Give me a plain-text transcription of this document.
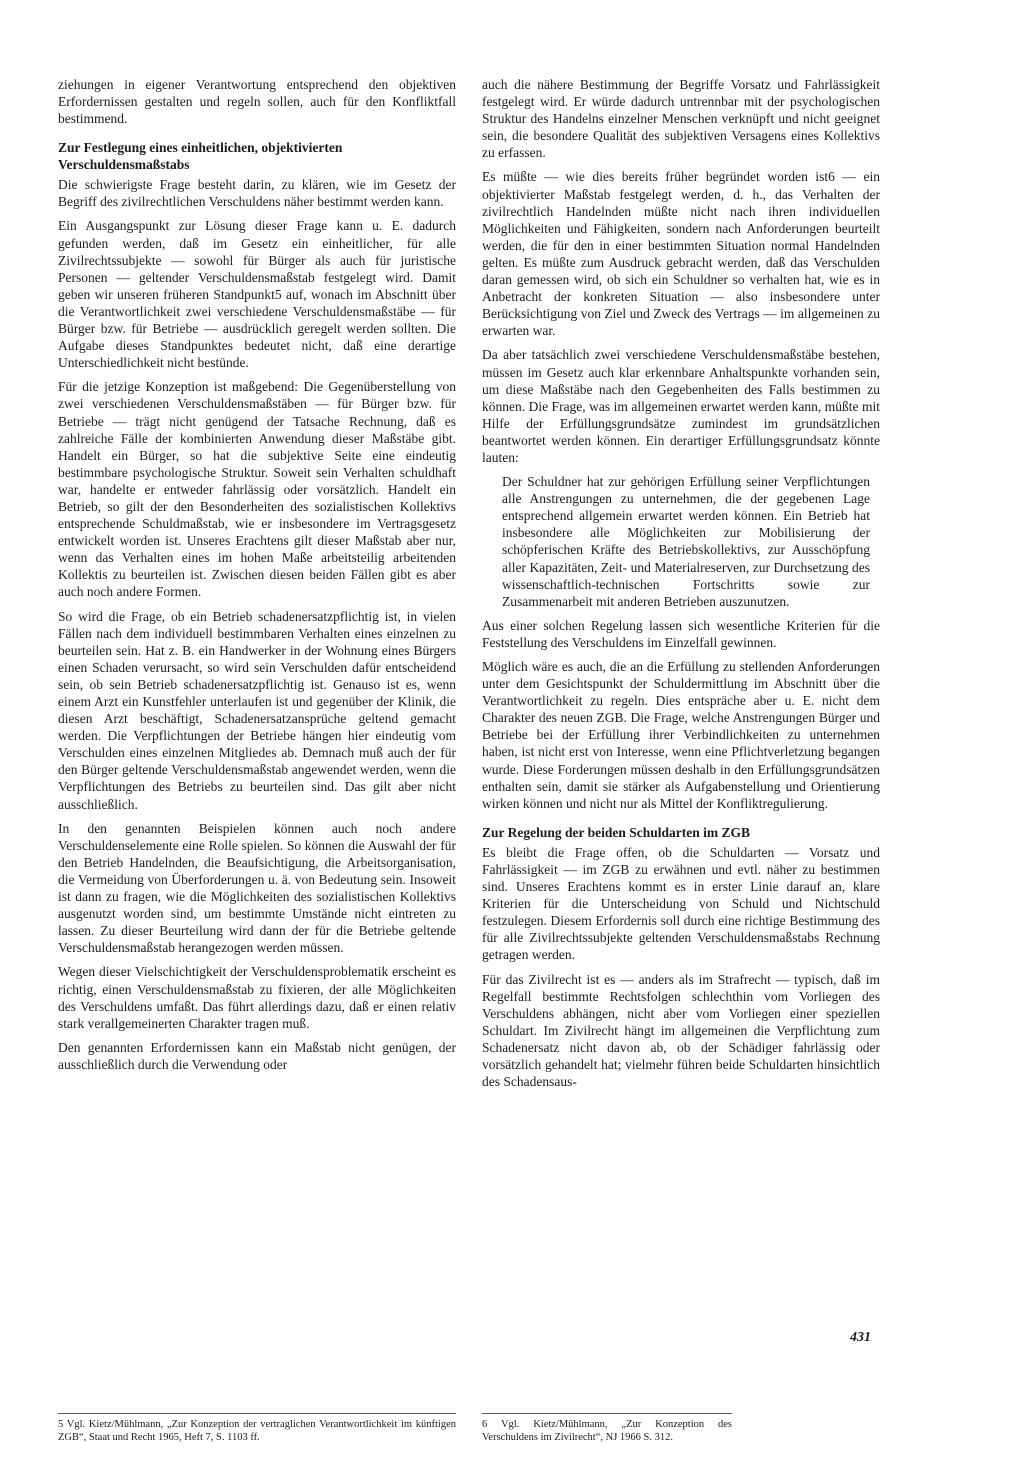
ziehungen in eigener Verantwortung entsprechend den objektiven Erfordernissen gestalten und regeln sollen, auch für den Konfliktfall bestimmend.

Zur Festlegung eines einheitlichen, objektivierten Verschuldensmaßstabs

Die schwierigste Frage besteht darin, zu klären, wie im Gesetz der Begriff des zivilrechtlichen Verschuldens näher bestimmt werden kann.

Ein Ausgangspunkt zur Lösung dieser Frage kann u. E. dadurch gefunden werden, daß im Gesetz ein einheitlicher, für alle Zivilrechtssubjekte — sowohl für Bürger als auch für juristische Personen — geltender Verschuldensmaßstab festgelegt wird. Damit geben wir unseren früheren Standpunkt5 auf, wonach im Abschnitt über die Verantwortlichkeit zwei verschiedene Verschuldensmaßstäbe — für Bürger bzw. für Betriebe — ausdrücklich geregelt werden sollten. Die Aufgabe dieses Standpunktes bedeutet nicht, daß eine derartige Unterschiedlichkeit nicht bestünde.

Für die jetzige Konzeption ist maßgebend: Die Gegenüberstellung von zwei verschiedenen Verschuldensmaßstäben — für Bürger bzw. für Betriebe — trägt nicht genügend der Tatsache Rechnung, daß es zahlreiche Fälle der kombinierten Anwendung dieser Maßstäbe gibt. Handelt ein Bürger, so hat die subjektive Seite eine eindeutig bestimmbare psychologische Struktur. Soweit sein Verhalten schuldhaft war, handelte er entweder fahrlässig oder vorsätzlich. Handelt ein Betrieb, so gilt der den Besonderheiten des sozialistischen Kollektivs entsprechende Schuldmaßstab, wie er insbesondere im Vertragsgesetz entwickelt worden ist. Unseres Erachtens gilt dieser Maßstab aber nur, wenn das Verhalten eines im hohen Maße arbeitsteilig arbeitenden Kollektis zu beurteilen ist. Zwischen diesen beiden Fällen gibt es aber auch noch andere Formen.

So wird die Frage, ob ein Betrieb schadenersatzpflichtig ist, in vielen Fällen nach dem individuell bestimmbaren Verhalten eines einzelnen zu beurteilen sein. Hat z. B. ein Handwerker in der Wohnung eines Bürgers einen Schaden verursacht, so wird sein Verschulden dafür entscheidend sein, ob sein Betrieb schadenersatzpflichtig ist. Genauso ist es, wenn einem Arzt ein Kunstfehler unterlaufen ist und gegenüber der Klinik, die diesen Arzt beschäftigt, Schadenersatzansprüche geltend gemacht werden. Die Verpflichtungen der Betriebe hängen hier eindeutig vom Verschulden eines einzelnen Mitgliedes ab. Demnach muß auch der für den Bürger geltende Verschuldensmaßstab angewendet werden, wenn die Verpflichtungen des Betriebs zu beurteilen sind. Das gilt aber nicht ausschließlich.

In den genannten Beispielen können auch noch andere Verschuldenselemente eine Rolle spielen. So können die Auswahl der für den Betrieb Handelnden, die Beaufsichtigung, die Arbeitsorganisation, die Vermeidung von Überforderungen u. ä. von Bedeutung sein. Insoweit ist dann zu fragen, wie die Möglichkeiten des sozialistischen Kollektivs ausgenutzt worden sind, um bestimmte Umstände nicht eintreten zu lassen. Zu dieser Beurteilung wird dann der für die Betriebe geltende Verschuldensmaßstab herangezogen werden müssen.

Wegen dieser Vielschichtigkeit der Verschuldensproblematik erscheint es richtig, einen Verschuldensmaßstab zu fixieren, der alle Möglichkeiten des Verschuldens umfaßt. Das führt allerdings dazu, daß er einen relativ stark verallgemeinerten Charakter tragen muß.

Den genannten Erfordernissen kann ein Maßstab nicht genügen, der ausschließlich durch die Verwendung oder

auch die nähere Bestimmung der Begriffe Vorsatz und Fahrlässigkeit festgelegt wird. Er würde dadurch untrennbar mit der psychologischen Struktur des Handelns einzelner Menschen verknüpft und nicht geeignet sein, die besondere Qualität des subjektiven Versagens eines Kollektivs zu erfassen.

Es müßte — wie dies bereits früher begründet worden ist6 — ein objektivierter Maßstab festgelegt werden, d. h., das Verhalten der zivilrechtlich Handelnden müßte nicht nach ihren individuellen Möglichkeiten und Fähigkeiten, sondern nach Anforderungen beurteilt werden, die für den in einer bestimmten Situation normal Handelnden gelten. Es müßte zum Ausdruck gebracht werden, daß das Verschulden daran gemessen wird, ob sich ein Schuldner so verhalten hat, wie es in Anbetracht der konkreten Situation — also insbesondere unter Berücksichtigung von Ziel und Zweck des Vertrags — im allgemeinen zu erwarten war.

Da aber tatsächlich zwei verschiedene Verschuldensmaßstäbe bestehen, müssen im Gesetz auch klar erkennbare Anhaltspunkte vorhanden sein, um diese Maßstäbe nach den Gegebenheiten des Falls bestimmen zu können. Die Frage, was im allgemeinen erwartet werden kann, müßte mit Hilfe der Erfüllungsgrundsätze zumindest im grundsätzlichen beantwortet werden können. Ein derartiger Erfüllungsgrundsatz könnte lauten:

Der Schuldner hat zur gehörigen Erfüllung seiner Verpflichtungen alle Anstrengungen zu unternehmen, die der gegebenen Lage entsprechend allgemein erwartet werden können. Ein Betrieb hat insbesondere alle Möglichkeiten zur Mobilisierung der schöpferischen Kräfte des Betriebskollektivs, zur Ausschöpfung aller Kapazitäten, Zeit- und Materialreserven, zur Durchsetzung des wissenschaftlich-technischen Fortschritts sowie zur Zusammenarbeit mit anderen Betrieben auszunutzen.

Aus einer solchen Regelung lassen sich wesentliche Kriterien für die Feststellung des Verschuldens im Einzelfall gewinnen.

Möglich wäre es auch, die an die Erfüllung zu stellenden Anforderungen unter dem Gesichtspunkt der Schuldermittlung im Abschnitt über die Verantwortlichkeit zu regeln. Dies entspräche aber u. E. nicht dem Charakter des neuen ZGB. Die Frage, welche Anstrengungen Bürger und Betriebe bei der Erfüllung ihrer Verbindlichkeiten zu unternehmen haben, ist nicht erst von Interesse, wenn eine Pflichtverletzung begangen wurde. Diese Forderungen müssen deshalb in den Erfüllungsgrundsätzen enthalten sein, damit sie stärker als Aufgabenstellung und Orientierung wirken können und nicht nur als Mittel der Konfliktregulierung.

Zur Regelung der beiden Schuldarten im ZGB

Es bleibt die Frage offen, ob die Schuldarten — Vorsatz und Fahrlässigkeit — im ZGB zu erwähnen und evtl. näher zu bestimmen sind. Unseres Erachtens kommt es in erster Linie darauf an, klare Kriterien für die Unterscheidung von Schuld und Nichtschuld festzulegen. Diesem Erfordernis soll durch eine richtige Bestimmung des für alle Zivilrechtssubjekte geltenden Verschuldensmaßstabs Rechnung getragen werden.

Für das Zivilrecht ist es — anders als im Strafrecht — typisch, daß im Regelfall bestimmte Rechtsfolgen schlechthin vom Vorliegen des Verschuldens abhängen, nicht aber vom Vorliegen einer speziellen Schuldart. Im Zivilrecht hängt im allgemeinen die Verpflichtung zum Schadenersatz nicht davon ab, ob der Schädiger fahrlässig oder vorsätzlich gehandelt hat; vielmehr führen beide Schuldarten hinsichtlich des Schadensaus-

5 Vgl. Kietz/Mühlmann, „Zur Konzeption der vertraglichen Verantwortlichkeit im künftigen ZGB“, Staat und Recht 1965, Heft 7, S. 1103 ff.

6 Vgl. Kietz/Mühlmann, „Zur Konzeption des Verschuldens im Zivilrecht“, NJ 1966 S. 312.

431
